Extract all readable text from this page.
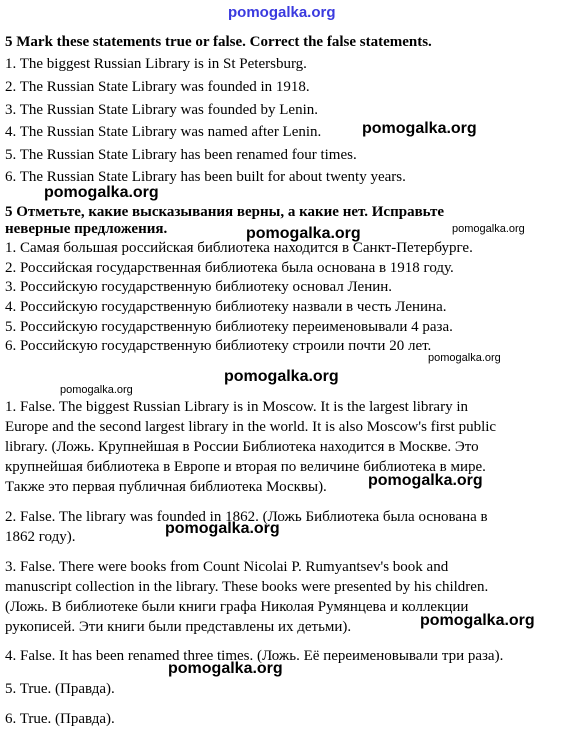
pomogalka.org
5 Mark these statements true or false. Correct the false statements.
1. The biggest Russian Library is in St Petersburg.
2. The Russian State Library was founded in 1918.
3. The Russian State Library was founded by Lenin.
4. The Russian State Library was named after Lenin.
5. The Russian State Library has been renamed four times.
6. The Russian State Library has been built for about twenty years.
pomogalka.org
pomogalka.org
5 Отметьте, какие высказывания верны, а какие нет. Исправьте
неверные предложения.	pomogalka.org	pomogalka.org
1. Самая большая российская библиотека находится в Санкт-Петербурге.
2. Российская государственная библиотека была основана в 1918 году.
3. Российскую государственную библиотеку основал Ленин.
4. Российскую государственную библиотеку назвали в честь Ленина.
5. Российскую государственную библиотеку переименовывали 4 раза.
6. Российскую государственную библиотеку строили почти 20 лет.
pomogalka.org
pomogalka.org
pomogalka.org
1. False. The biggest Russian Library is in Moscow. It is the largest library in
Europe and the second largest library in the world. It is also Moscow's first public
library. (Ложь. Крупнейшая в России Библиотека находится в Москве. Это
крупнейшая библиотека в Европе и вторая по величине библиотека в мире.
Также это первая публичная библиотека Москвы).	pomogalka.org
2. False. The library was founded in 1862. (Ложь Библиотека была основана в
1862 году).	pomogalka.org
3. False. There were books from Count Nicolai P. Rumyantsev's book and
manuscript collection in the library. These books were presented by his children.
(Ложь. В библиотеке были книги графа Николая Румянцева и коллекции
рукописей. Эти книги были представлены их детьми).	pomogalka.org
4. False. It has been renamed three times. (Ложь. Её переименовывали три раза).
pomogalka.org
5. True. (Правда).
6. True. (Правда).
